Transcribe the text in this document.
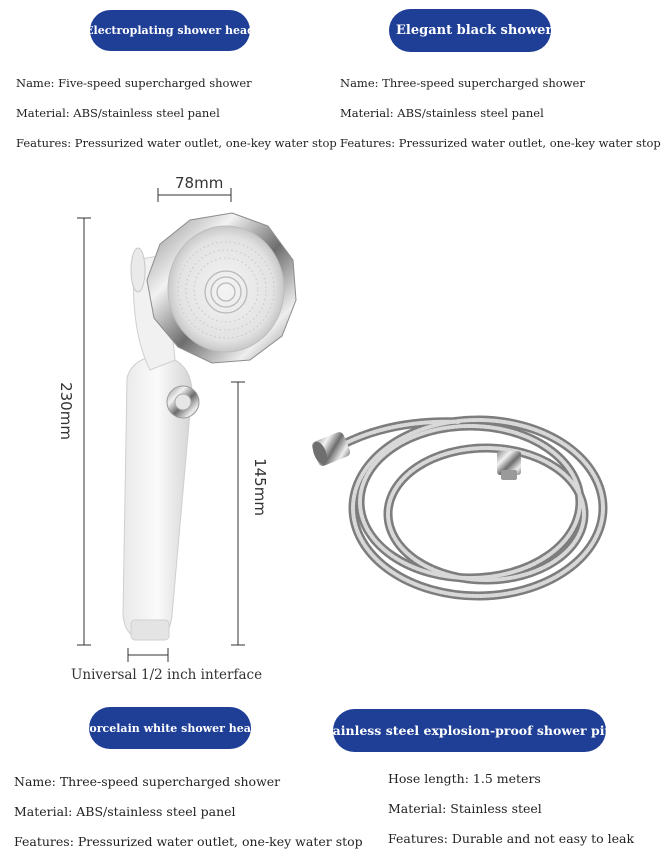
Electroplating shower head	Elegant black shower h
Name: Five-speed supercharged shower
Material: ABS/stainless steel panel
Features: Pressurized water outlet, one-key water stop
Name: Three-speed supercharged shower
Material: ABS/stainless steel panel
Features: Pressurized water outlet, one-key water stop
78mm
230mm
145mm
Universal 1/2 inch interface
Porcelain white shower head	Stainless steel explosion-proof shower pipe
Name: Three-speed supercharged shower
Material: ABS/stainless steel panel
Features: Pressurized water outlet, one-key water stop
Hose length: 1.5 meters
Material: Stainless steel
Features: Durable and not easy to leak
